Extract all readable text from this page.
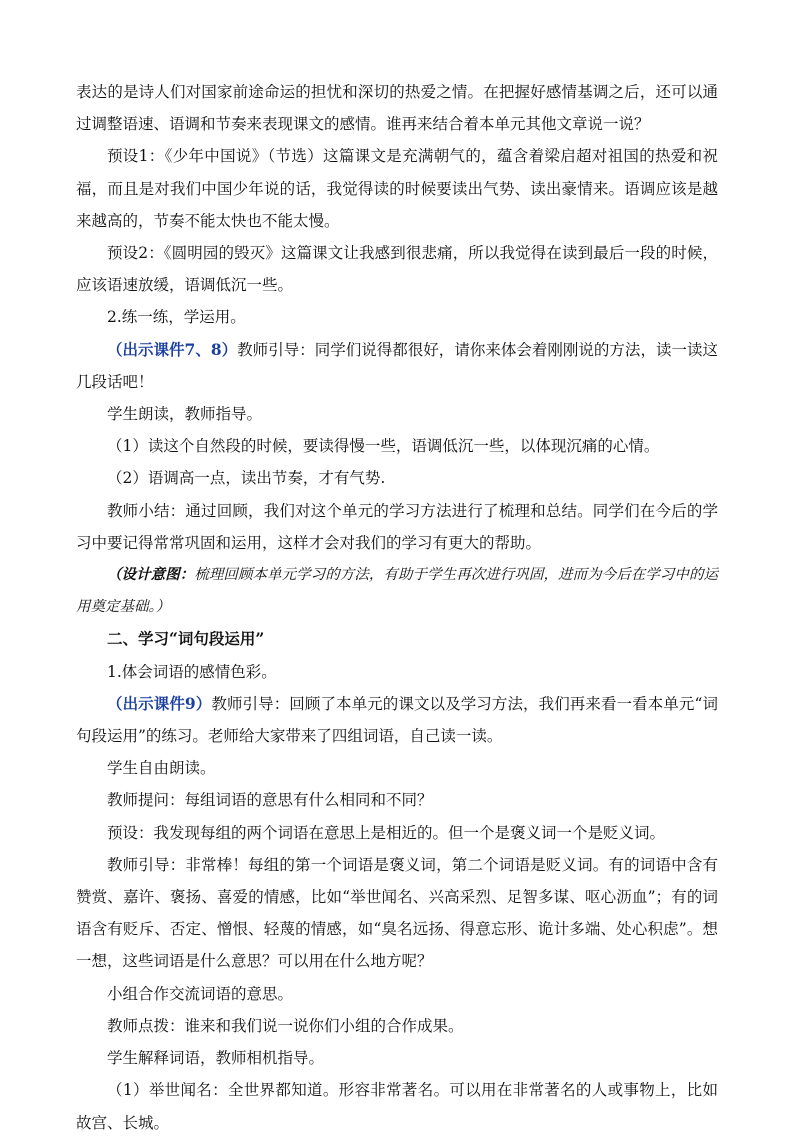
表达的是诗人们对国家前途命运的担忧和深切的热爱之情。在把握好感情基调之后，还可以通过调整语速、语调和节奏来表现课文的感情。谁再来结合着本单元其他文章说一说？

预设1：《少年中国说》（节选）这篇课文是充满朝气的，蕴含着梁启超对祖国的热爱和祝福，而且是对我们中国少年说的话，我觉得读的时候要读出气势、读出豪情来。语调应该是越来越高的，节奏不能太快也不能太慢。

预设2：《圆明园的毁灭》这篇课文让我感到很悲痛，所以我觉得在读到最后一段的时候，应该语速放缓，语调低沉一些。

2.练一练，学运用。

（出示课件7、8）教师引导：同学们说得都很好，请你来体会着刚刚说的方法，读一读这几段话吧！

学生朗读，教师指导。

（1）读这个自然段的时候，要读得慢一些，语调低沉一些，以体现沉痛的心情。

（2）语调高一点，读出节奏，才有气势.

教师小结：通过回顾，我们对这个单元的学习方法进行了梳理和总结。同学们在今后的学习中要记得常常巩固和运用，这样才会对我们的学习有更大的帮助。

（设计意图：梳理回顾本单元学习的方法，有助于学生再次进行巩固，进而为今后在学习中的运用奠定基础。）

二、学习“词句段运用”

1.体会词语的感情色彩。

（出示课件9）教师引导：回顾了本单元的课文以及学习方法，我们再来看一看本单元“词句段运用”的练习。老师给大家带来了四组词语，自己读一读。

学生自由朗读。

教师提问：每组词语的意思有什么相同和不同？

预设：我发现每组的两个词语在意思上是相近的。但一个是褒义词一个是贬义词。

教师引导：非常棒！每组的第一个词语是褒义词，第二个词语是贬义词。有的词语中含有赞赏、嘉许、褒扬、喜爱的情感，比如“举世闻名、兴高采烈、足智多谋、呕心沥血”；有的词语含有贬斥、否定、憎恨、轻蔑的情感，如“臭名远扬、得意忘形、诡计多端、处心积虑”。想一想，这些词语是什么意思？可以用在什么地方呢？

小组合作交流词语的意思。

教师点拨：谁来和我们说一说你们小组的合作成果。

学生解释词语，教师相机指导。

（1）举世闻名：全世界都知道。形容非常著名。可以用在非常著名的人或事物上，比如故宫、长城。
